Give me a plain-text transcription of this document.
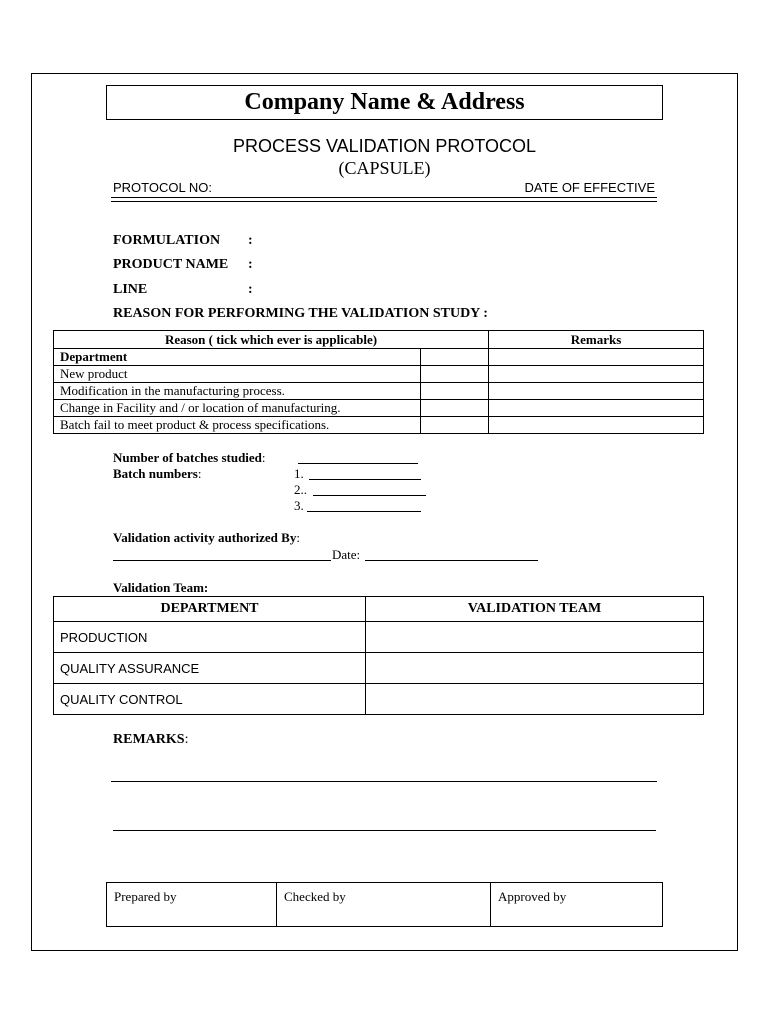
Company Name & Address
PROCESS VALIDATION PROTOCOL
(CAPSULE)
PROTOCOL NO:	DATE OF EFFECTIVE
FORMULATION	:
PRODUCT NAME	:
LINE	:
REASON FOR PERFORMING THE VALIDATION STUDY :
Reason ( tick which ever is applicable)		Remarks
Department		
New product		
Modification in the manufacturing process.		
Change in Facility and / or location of manufacturing.		
Batch fail to meet product & process specifications.		
Number of batches studied:
Batch numbers:	1.
2..
3.
Validation activity authorized By:
Date:
Validation Team:
DEPARTMENT	VALIDATION TEAM
PRODUCTION	
QUALITY ASSURANCE	
QUALITY CONTROL	
REMARKS:
Prepared by	Checked by	Approved by
